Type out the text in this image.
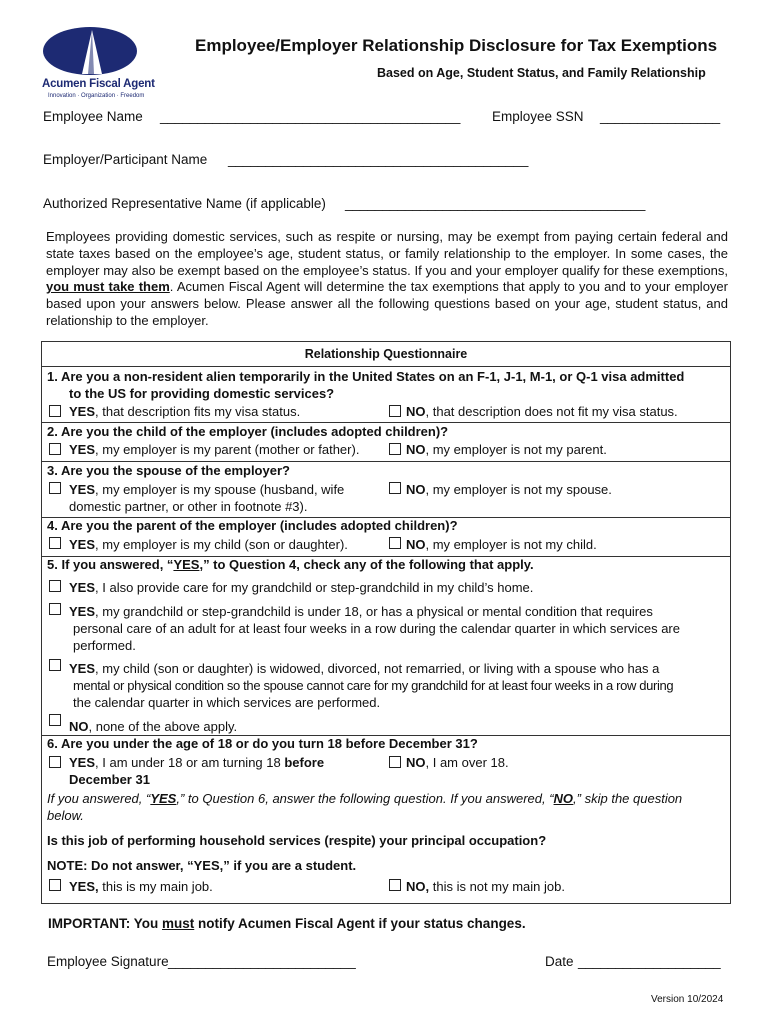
Acumen Fiscal Agent
Innovation · Organization · Freedom
Employee/Employer Relationship Disclosure for Tax Exemptions
Based on Age, Student Status, and Family Relationship
Employee Name ________________________________________ Employee SSN ________________
Employer/Participant Name ________________________________________
Authorized Representative Name (if applicable) ________________________________________
Employees providing domestic services, such as respite or nursing, may be exempt from paying certain federal and state taxes based on the employee’s age, student status, or family relationship to the employer. In some cases, the employer may also be exempt based on the employee’s status. If you and your employer qualify for these exemptions, you must take them. Acumen Fiscal Agent will determine the tax exemptions that apply to you and to your employer based upon your answers below. Please answer all the following questions based on your age, student status, and relationship to the employer.
Relationship Questionnaire
1. Are you a non-resident alien temporarily in the United States on an F-1, J-1, M-1, or Q-1 visa admitted
to the US for providing domestic services?
YES, that description fits my visa status.	NO, that description does not fit my visa status.
2. Are you the child of the employer (includes adopted children)?
YES, my employer is my parent (mother or father).	NO, my employer is not my parent.
3. Are you the spouse of the employer?
YES, my employer is my spouse (husband, wife
domestic partner, or other in footnote #3).
NO, my employer is not my spouse.
4. Are you the parent of the employer (includes adopted children)?
YES, my employer is my child (son or daughter).	NO, my employer is not my child.
5. If you answered, “YES,” to Question 4, check any of the following that apply.
YES, I also provide care for my grandchild or step-grandchild in my child’s home.
YES, my grandchild or step-grandchild is under 18, or has a physical or mental condition that requires
personal care of an adult for at least four weeks in a row during the calendar quarter in which services are
performed.
YES, my child (son or daughter) is widowed, divorced, not remarried, or living with a spouse who has a
mental or physical condition so the spouse cannot care for my grandchild for at least four weeks in a row during
the calendar quarter in which services are performed.
NO, none of the above apply.
6. Are you under the age of 18 or do you turn 18 before December 31?
YES, I am under 18 or am turning 18 before
December 31
NO, I am over 18.
If you answered, “YES,” to Question 6, answer the following question. If you answered, “NO,” skip the question
below.
Is this job of performing household services (respite) your principal occupation?
NOTE: Do not answer, “YES,” if you are a student.
YES, this is my main job.	NO, this is not my main job.
IMPORTANT: You must notify Acumen Fiscal Agent if your status changes.
Employee Signature _________________________	Date ___________________
Version 10/2024
